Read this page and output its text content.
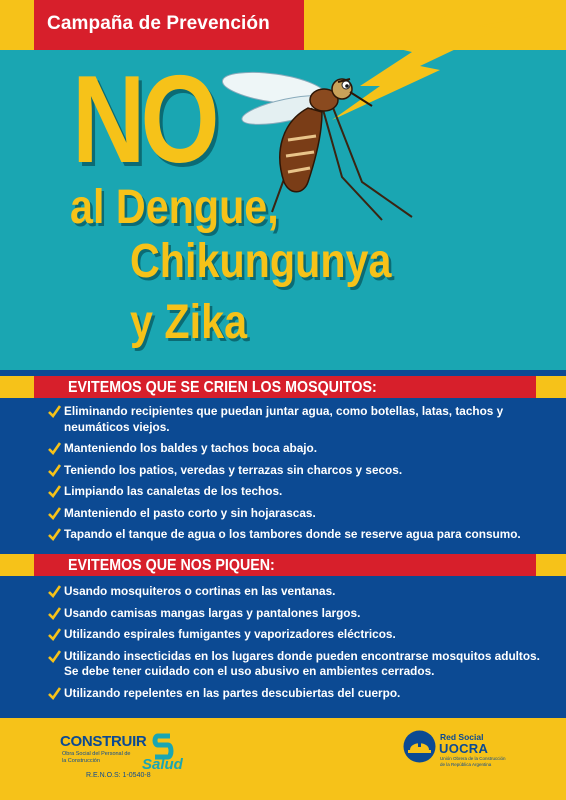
Campaña de Prevención
NO
al Dengue,
Chikungunya
y Zika
EVITEMOS QUE SE CRIEN LOS MOSQUITOS:
Eliminando recipientes que puedan juntar agua, como botellas, latas, tachos y neumáticos viejos.
Manteniendo los baldes y tachos boca abajo.
Teniendo los patios, veredas y terrazas sin charcos y secos.
Limpiando las canaletas de los techos.
Manteniendo el pasto corto y sin hojarascas.
Tapando el tanque de agua o los tambores donde se reserve agua para consumo.
EVITEMOS QUE NOS PIQUEN:
Usando mosquiteros o cortinas en las ventanas.
Usando camisas mangas largas y pantalones largos.
Utilizando espirales fumigantes y vaporizadores eléctricos.
Utilizando insecticidas en los lugares donde pueden encontrarse mosquitos adultos. Se debe tener cuidado con el uso abusivo en ambientes cerrados.
Utilizando repelentes en las partes descubiertas del cuerpo.
CONSTRUIR
Obra Social del Personal de la Construcción	Salud
R.E.N.O.S: 1-0540-8
Red Social
UOCRA
Unión Obrera de la Construcción de la República Argentina
